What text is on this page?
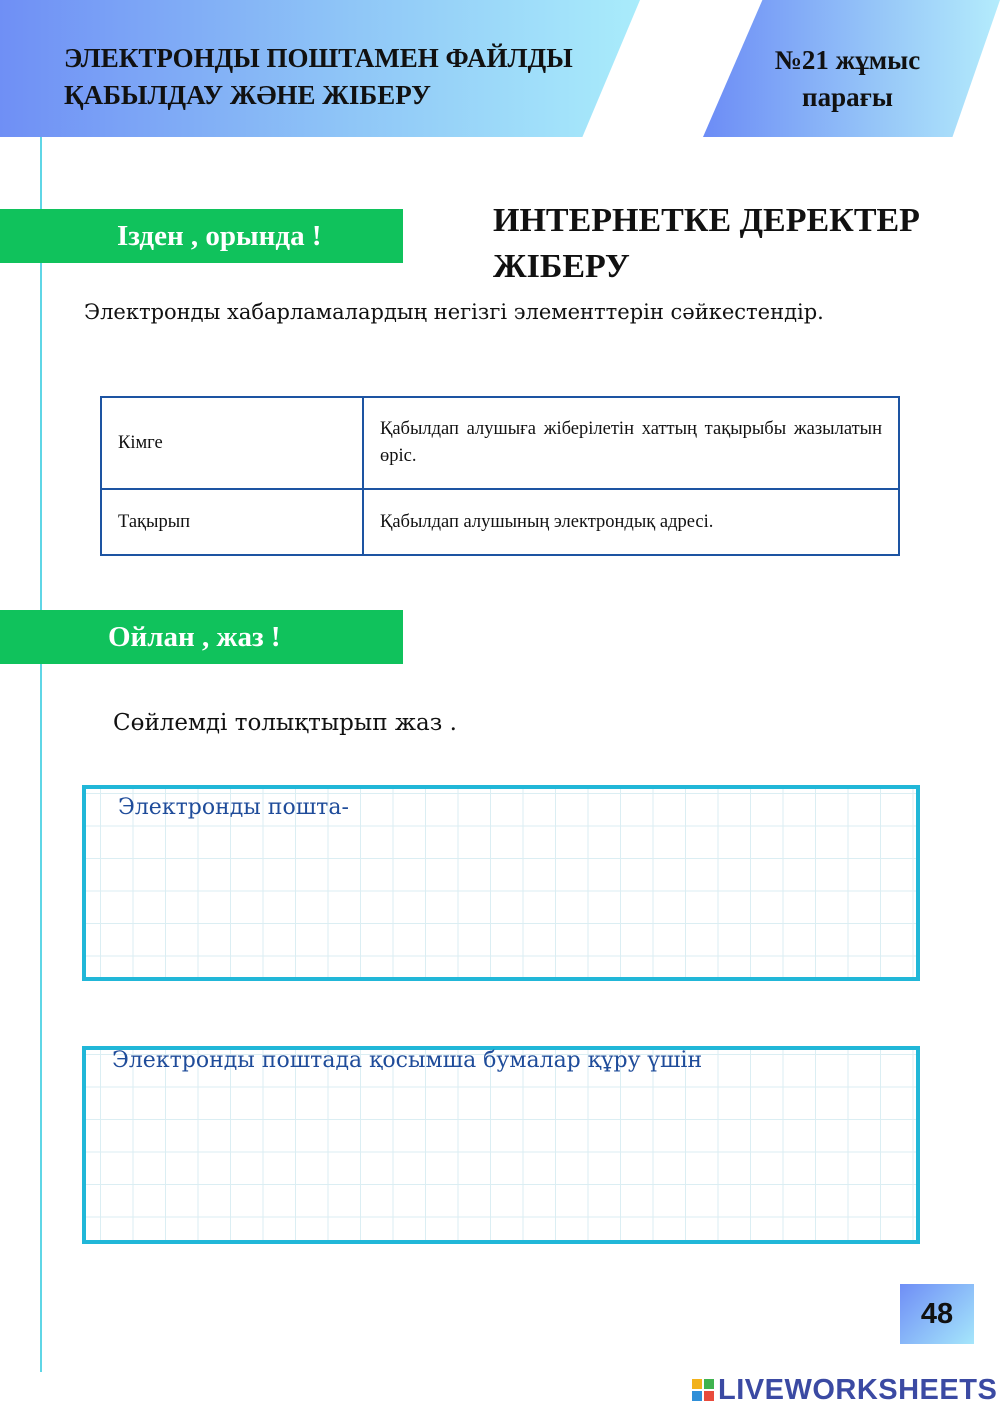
ЭЛЕКТРОНДЫ ПОШТАМЕН ФАЙЛДЫ ҚАБЫЛДАУ ЖӘНЕ ЖІБЕРУ
№21 жұмыс парағы
Ізден , орында !	ИНТЕРНЕТКЕ ДЕРЕКТЕР ЖІБЕРУ
Электронды хабарламалардың негізгі элементтерін сәйкестендір.
Кімге	Қабылдап алушыға жіберілетін хаттың тақырыбы жазылатын өріс.
Тақырып	Қабылдап алушының электрондық адресі.
Ойлан , жаз !
Сөйлемді толықтырып жаз .
Электронды пошта-
Электронды поштада қосымша бумалар құру үшін
48
LIVEWORKSHEETS
